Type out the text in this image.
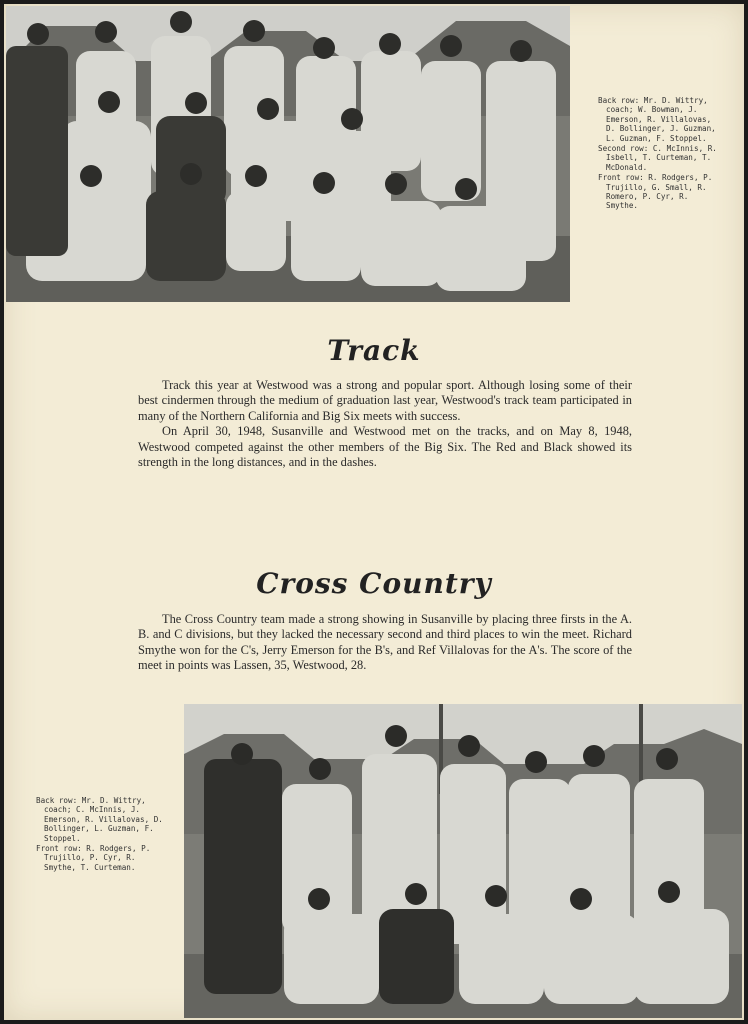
Back row: Mr. D. Wittry, coach; W. Bowman, J. Emerson, R. Villalovas, D. Bollinger, J. Guzman, L. Guzman, F. Stoppel.

Second row: C. McInnis, R. Isbell, T. Curteman, T. McDonald.

Front row: R. Rodgers, P. Trujillo, G. Small, R. Romero, P. Cyr, R. Smythe.

Track

Track this year at Westwood was a strong and popular sport. Although losing some of their best cindermen through the medium of graduation last year, Westwood's track team participated in many of the Northern California and Big Six meets with success.

On April 30, 1948, Susanville and Westwood met on the tracks, and on May 8, 1948, Westwood competed against the other members of the Big Six. The Red and Black showed its strength in the long distances, and in the dashes.

Cross Country

The Cross Country team made a strong showing in Susanville by placing three firsts in the A. B. and C divisions, but they lacked the necessary second and third places to win the meet. Richard Smythe won for the C's, Jerry Emerson for the B's, and Ref Villalovas for the A's. The score of the meet in points was Lassen, 35, Westwood, 28.

Back row: Mr. D. Wittry, coach; C. McInnis, J. Emerson, R. Villalovas, D. Bollinger, L. Guzman, F. Stoppel.

Front row: R. Rodgers, P. Trujillo, P. Cyr, R. Smythe, T. Curteman.
